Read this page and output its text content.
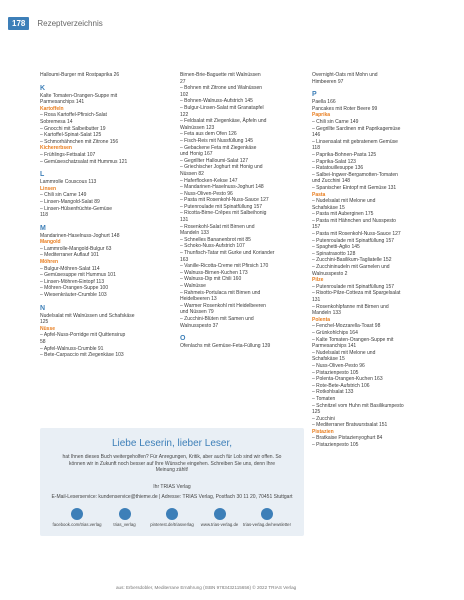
178	Rezeptverzeichnis
Halloumi-Burger mit Rostpaprika 26
K
Kalte Tomaten-Orangen-Suppe mit
Parmesanchips 141
Kartoffeln
– Rosa Kartoffel-Pfirsich-Salat
Sobremesa 14
– Gnocchi mit Salbeibutter 19
– Kartoffel-Spinat-Salat 125
– Schmorhähnchen mit Zitrone 156
Kichererbsen
– Frühlings-Fettsalat 107
– Gemüseschatzsalat mit Hummus 121
L
Lammrolle Couscous 113
Linsen
– Chili sin Carne 149
– Linsen-Mangold-Salat 89
– Linsen-Hülsenfrüchte-Gemüse
118
M
Mandarinen-Haselnuss-Joghurt 148
Mangold
– Lammrolle-Mangold-Bulgur 63
– Mediterraner Auflauf 101
Möhren
– Bulgur-Möhren-Salat 114
– Gemüsesuppe mit Hummus 101
– Linsen-Möhren-Eintopf 113
– Möhren-Orangen-Suppe 100
– Wiesenkräuter-Crumble 103
N
Nudelsalat mit Walnüssen und Schafskäse
125
Nüsse
– Apfel-Nuss-Porridge mit Quittensirup
58
– Apfel-Walnuss-Crumble 91
– Bete-Carpaccio mit Ziegenkäse 103
Birnen-Brie-Baguette mit Walnüssen
27
– Bohnen mit Zitrone und Walnüssen
102
– Bohnen-Walnuss-Aufstrich 145
– Bulgur-Linsen-Salat mit Granatapfel
122
– Feldsalat mit Ziegenkäse, Äpfeln und
Walnüssen 123
– Feta aus dem Ofen 126
– Fisch-Reis mit Nussfüllung 145
– Gebackene Feta mit Ziegenkäse
und Honig 167
– Gegrillter Halloumi-Salat 127
– Griechischer Joghurt mit Honig und
Nüssen 82
– Haferflocken-Kekse 147
– Mandarinen-Haselnuss-Joghurt 148
– Nuss-Oliven-Pesto 96
– Pasta mit Rosenkohl-Nuss-Sauce 127
– Putenroulade mit Spinatfüllung 157
– Ricotta-Birne-Crêpes mit Salbeihonig
131
– Rosenkohl-Salat mit Birnen und
Mandeln 133
– Schnelles Bananenbrot mit 85
– Schoko-Nuss-Aufstrich 107
– Thunfisch-Tatar mit Gurke und Koriander
163
– Vanille-Ricotta-Creme mit Pfirsich 170
– Walnuss-Birnen-Kuchen 173
– Walnuss-Dip mit Chili 160
– Walnüsse
– Rahmeis-Portulaca mit Birnen und
Heidelbeeren 13
– Warmer Rosenkohl mit Heidelbeeren
und Nüssen 79
– Zucchini-Blüten mit Samen und
Walnusspesto 37
O
Ofenlachs mit Gemüse-Feta-Füllung 139
Overnight-Oats mit Mohn und
Himbeeren 97
P
Paella 166
Pancakes mit Roter Beere 99
Paprika
– Chili sin Carne 149
– Gegrillte Sardinen mit Paprikagemüse
146
– Linsensalat mit gebratenem Gemüse
118
– Paprika-Bohnen-Pasta 125
– Paprika-Salat 123
– Ratatouillesuppe 136
– Salbei-Ingwer-Bergamotten-Tomaten
und Zucchini 148
– Spanischer Eintopf mit Gemüse 131
Pasta
– Nudelsalat mit Melone und
Schafskäse 15
– Pasta mit Auberginen 175
– Pasta mit Hähnchen und Nusspesto
157
– Pasta mit Rosenkohl-Nuss-Sauce 127
– Putenroulade mit Spinatfüllung 157
– Spaghetti-Aglio 145
– Spinatrasotto 128
– Zucchini-Basilikum-Tagliatelle 152
– Zucchininudeln mit Garnelen und
Walnusspesto 2
Pilze
– Putenroulade mit Spinatfüllung 157
– Risotto-Pilze-Cotteza mit Spargelsalat
131
– Rosenkohlpfanne mit Birnen und
Mandeln 133
Polenta
– Fenchel-Mozzarella-Toast 98
– Grünkohlchips 164
– Kalte Tomaten-Orangen-Suppe mit
Parmesanchips 141
– Nudelsalat mit Melone und
Schafskäse 15
– Nuss-Oliven-Pesto 96
– Pistazienpesto 105
– Polenta-Orangen-Kuchen 163
– Rote-Bete-Aufstrich 106
– Rotkohlsalat 133
– Tomaten
– Schnitzel vom Huhn mit Basilikumpesto
125
– Zucchini
– Mediterraner Bratwurstsalat 151
Pistazien
– Bratkaise Pistazienyoghurt 84
– Pistazienpesto 105
Liebe Leserin, lieber Leser,
hat Ihnen dieses Buch weitergeholfen? Für Anregungen, Kritik, aber auch für Lob sind wir offen. So können wir in Zukunft noch besser auf Ihre Wünsche eingehen. Schreiben Sie uns, denn Ihre Meinung zählt!
Ihr TRIAS Verlag
E-Mail-Leserservice: kundenservice@thieme.de | Adresse: TRIAS Verlag, Postfach 30 11 20, 70451 Stuttgart
facebook.com/trias.verlag	trias_verlag	pinterest.de/triasverlag www.trias-verlag.de trias-verlag.de/newsletter
aus: Erbersdobler, Mediterrane Ernährung (ISBN 9783432115656) © 2022 TRIAS Verlag
